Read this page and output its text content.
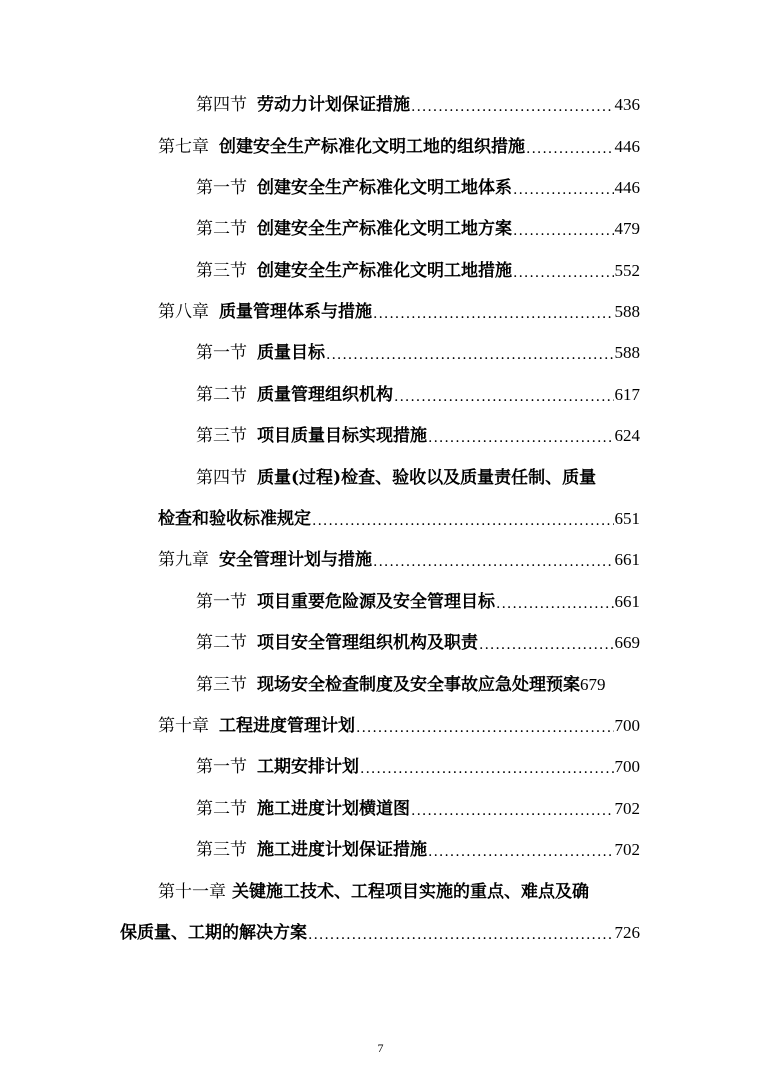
第四节 劳动力计划保证措施 .....	436
第七章 创建安全生产标准化文明工地的组织措施 .....	446
第一节 创建安全生产标准化文明工地体系 .....	446
第二节 创建安全生产标准化文明工地方案 .....	479
第三节 创建安全生产标准化文明工地措施 .....	552
第八章 质量管理体系与措施 .....	588
第一节 质量目标 .....	588
第二节 质量管理组织机构 .....	617
第三节 项目质量目标实现措施 .....	624
第四节 质量(过程)检查、验收以及质量责任制、质量
检查和验收标准规定 .....	651
第九章 安全管理计划与措施 .....	661
第一节 项目重要危险源及安全管理目标 .....	661
第二节 项目安全管理组织机构及职责 .....	669
第三节 现场安全检查制度及安全事故应急处理预案 679
第十章 工程进度管理计划 .....	700
第一节 工期安排计划 .....	700
第二节 施工进度计划横道图 .....	702
第三节 施工进度计划保证措施 .....	702
第十一章 关键施工技术、工程项目实施的重点、难点及确
保质量、工期的解决方案 .....	726
7
